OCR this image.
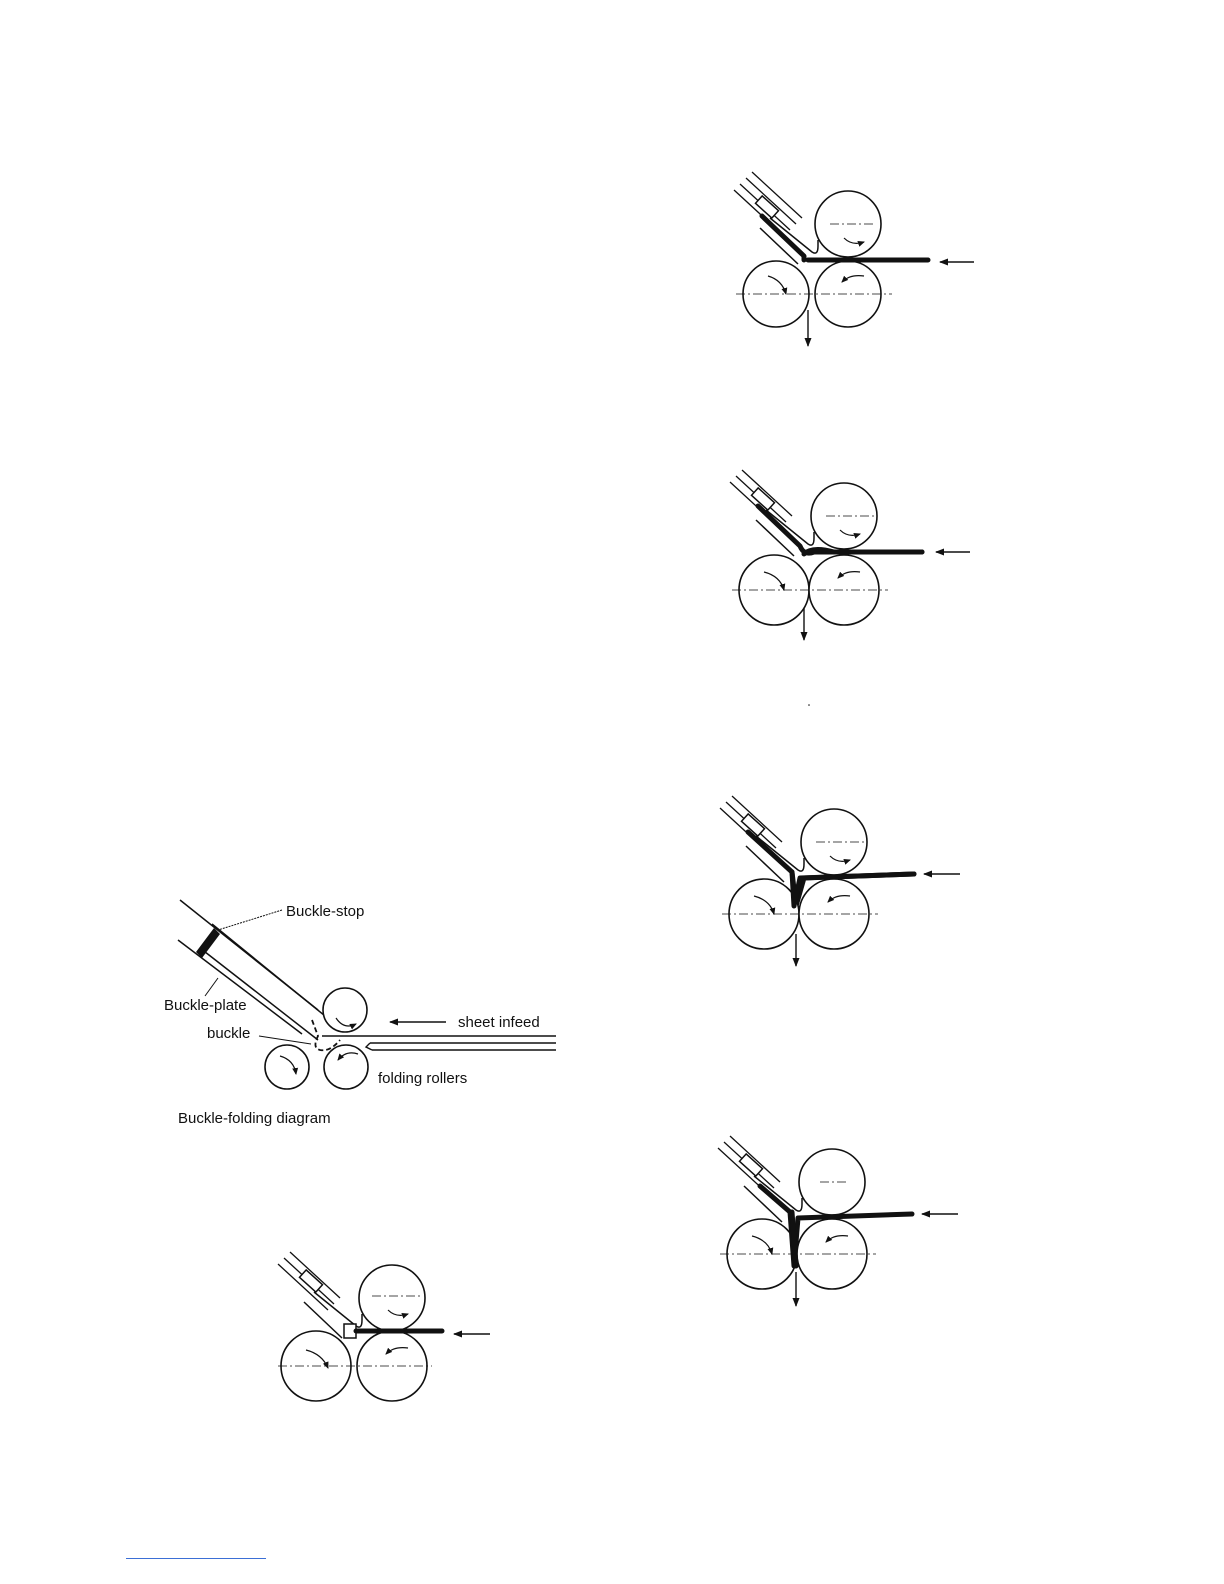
Buckle-stop
Buckle-plate
buckle
sheet infeed
folding rollers
Buckle-folding diagram
